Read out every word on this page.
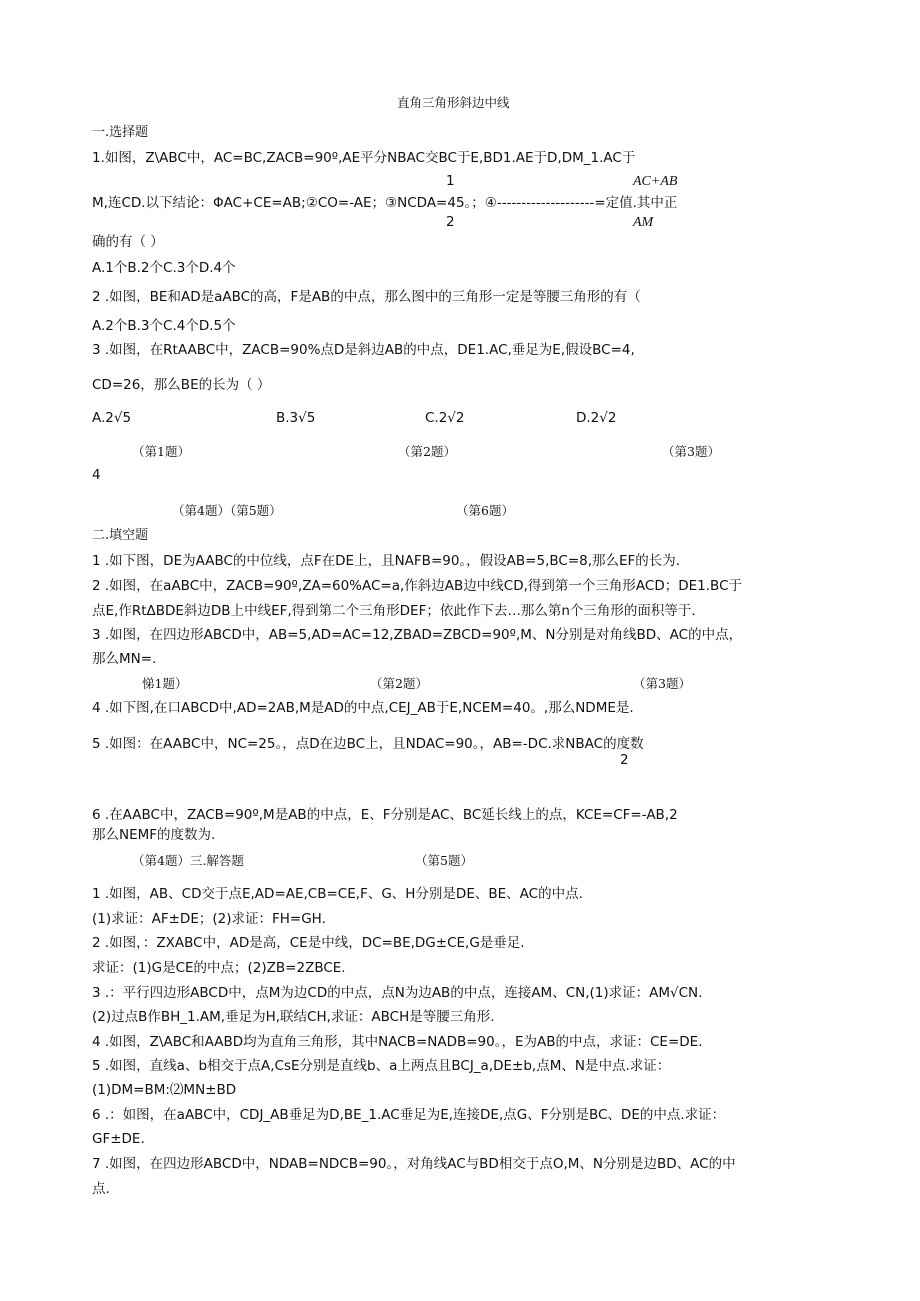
直角三角形斜边中线
一.选择题
1.如图，Z\ABC中，AC=BC,ZACB=90º,AE平分NBAC交BC于E,BD1.AE于D,DM_1.AC于
1	AC+AB
M,连CD.以下结论：ΦAC+CE=AB;②CO=-AE；③NCDA=45。；④--------------------=定值.其中正
2	AM
确的有（ ）
A.1个B.2个C.3个D.4个
2 .如图，BE和AD是aABC的高，F是AB的中点，那么图中的三角形一定是等腰三角形的有（
A.2个B.3个C.4个D.5个
3 .如图，在RtAABC中，ZACB=90%点D是斜边AB的中点，DE1.AC,垂足为E,假设BC=4,
CD=26，那么BE的长为（ ）
A.2√5	B.3√5	C.2√2	D.2√2
（第1题）	（第2题）	（第3题）
4
（第4题）（第5题）	（第6题）
二.填空题
1 .如下图，DE为AABC的中位线，点F在DE上，且NAFB=90。，假设AB=5,BC=8,那么EF的长为.
2 .如图，在aABC中，ZACB=90º,ZA=60%AC=a,作斜边AB边中线CD,得到第一个三角形ACD；DE1.BC于
点E,作RtΔBDE斜边DB上中线EF,得到第二个三角形DEF；依此作下去…那么第n个三角形的面积等于.
3 .如图，在四边形ABCD中，AB=5,AD=AC=12,ZBAD=ZBCD=90º,M、N分别是对角线BD、AC的中点，
那么MN=.
悌1题）	（第2题）	（第3题）
4 .如下图,在口ABCD中,AD=2AB,M是AD的中点,CEJ_AB于E,NCEM=40。,那么NDME是.
5 .如图：在AABC中，NC=25。，点D在边BC上，且NDAC=90。，AB=-DC.求NBAC的度数
2
6 .在AABC中，ZACB=90º,M是AB的中点，E、F分别是AC、BC延长线上的点，KCE=CF=-AB,2
那么NEMF的度数为.
（第4题）三.解答题	（第5题）
1 .如图，AB、CD交于点E,AD=AE,CB=CE,F、G、H分别是DE、BE、AC的中点.
(1)求证：AF±DE；(2)求证：FH=GH.
2 .如图，：ZXABC中，AD是高，CE是中线，DC=BE,DG±CE,G是垂足.
求证：(1)G是CE的中点；(2)ZB=2ZBCE.
3 .：平行四边形ABCD中，点M为边CD的中点，点N为边AB的中点，连接AM、CN,(1)求证：AM√CN.
(2)过点B作BH_1.AM,垂足为H,联结CH,求证：ABCH是等腰三角形.
4 .如图，Z\ABC和AABD均为直角三角形，其中NACB=NADB=90。，E为AB的中点，求证：CE=DE.
5 .如图，直线a、b相交于点A,CsE分别是直线b、a上两点且BCJ_a,DE±b,点M、N是中点.求证：
(1)DM=BM:⑵MN±BD
6 .：如图，在aABC中，CDJ_AB垂足为D,BE_1.AC垂足为E,连接DE,点G、F分别是BC、DE的中点.求证：
GF±DE.
7 .如图，在四边形ABCD中，NDAB=NDCB=90。，对角线AC与BD相交于点O,M、N分别是边BD、AC的中
点.
